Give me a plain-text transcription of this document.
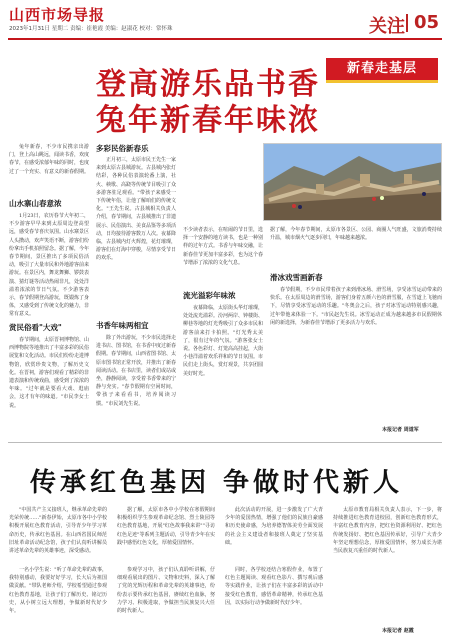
山西市场导报
2023年1月31日 星期二 责编：崔艳霞 美编：赵淑花 校对：常怀珠	关注 05
登高游乐品书香
兔年新春年味浓
新春走基层
兔年新春，不少市民携亲出游门，登上高山眺远，闻读书香，欢度春节，在感受浓郁年味的同时，也度过了一个充实、有意义的新春假期。
山水寨山春意浓
1月23日，农历春节大年初二，不少游客早早来到太原周边登高望远，感受春节喜庆氛围。山水寨景区人头攒动，欢声笑语不断，游客们纷纷拿出手机拍照留念。据了解，今年春节期间，景区推出了多项民俗活动，吸引了大量市民和外地游客前来游玩。在景区内，舞龙舞狮、锣鼓表演、猜灯谜等活动热闹非凡，处处洋溢着浓浓的节日气氛。不少游客表示，春节假期登高游玩，既锻炼了身体，又感受到了传统文化的魅力，非常有意义。
赏民俗看"大戏"
春节期间，太原晋祠博物馆、山西博物院等地推出了丰富多彩的民俗展览和文化活动。市民们纷纷走进博物馆，欣赏珍贵文物，了解历史文化。在晋祠，游客们观看了精彩的非遗表演和传统戏曲，感受到了浓浓的年味。"过年就是要看大戏、逛庙会，这才有年的味道。"市民李女士说。
多彩民俗新春乐
正月初三，太原市民王先生一家来到太原古县城游玩。古县城内张灯结彩，各种民俗表演轮番上演，社火、秧歌、高跷等传统节目吸引了众多游客驻足观看。"带孩子来感受一下传统年俗，让他了解咱们的传统文化。"王先生说。古县城相关负责人介绍，春节期间，古县城推出了非遗展示、民俗演出、美食品鉴等多项活动，日均接待游客数万人次。夜幕降临，古县城内灯火辉煌，花灯璀璨，游客们在灯海中穿梭，尽情享受节日的欢乐。
书香年味两相宜
除了外出游玩，不少市民选择走进书店、图书馆，在书香中度过新春假期。春节期间，山西省图书馆、太原市图书馆正常开放，并推出了新春阅读活动。在书店里，读者们或站或坐，静静阅读，享受着书香带来的宁静与充实。"春节假期有空闲时间，带孩子来看看书，培养阅读习惯。"市民刘先生说。
不少读者表示，在喧闹的节日里，选择一个安静的地方读书，也是一种别样的过年方式。书香与年味交融，让新春佳节更加丰富多彩，也为这个春节增添了浓浓的文化气息。
流光溢彩年味浓
夜幕降临，太原街头华灯璀璨，处处流光溢彩。汾河两岸、钟楼街、柳巷等地的灯光秀吸引了众多市民和游客前来打卡拍照。"灯光秀太美了，很有过年的气氛。"游客张女士说。各色彩灯、灯笼高高挂起，大街小巷洋溢着欢乐祥和的节日氛围。市民们走上街头，赏灯观景，共享团圆美好时光。
据了解，今年春节期间，太原市各景区、公园、商圈人气旺盛，文旅消费持续升温，城市烟火气逐步回归，年味越来越浓。
滑冰戏雪画新春
春节假期，不少市民带着孩子来到滑冰场、滑雪场，享受冰雪运动带来的快乐。在太原周边的滑雪场，游客们身着五颜六色的滑雪服，在雪道上飞驰而下，尽情享受冰雪运动的乐趣。"冬奥会之后，孩子对冰雪运动特别感兴趣，过年带他来体验一下。"市民赵先生说。冰雪运动正成为越来越多市民假期休闲的新选择，为新春佳节增添了更多活力与欢乐。
本报记者 周道军
传承红色基因 争做时代新人
"中国共产主义接班人，继承革命先辈的光荣传统……"新春伊始，太原市各中小学校积极开展红色教育活动，引导青少年学习革命历史，传承红色基因。在山西省国民师范旧址革命活动纪念馆，孩子们认真听讲解员讲述革命先辈的英雄事迹，深受感动。
一名小学生说："听了革命先辈的故事，我特别感动，我要好好学习，长大后为祖国做贡献。"带队老师介绍，学校希望通过参观红色教育基地，让孩子们了解历史、铭记历史，从小树立远大理想，争做新时代好少年。
据了解，太原市各中小学校在寒假期间积极组织学生参观革命纪念馆、烈士陵园等红色教育基地，开展"红色故事我来讲""寻访红色足迹"等系列主题活动，引导青少年在实践中感悟红色文化，厚植爱国情怀。
参观学习中，孩子们认真聆听讲解，仔细观看展出的图片、文物和史料，深入了解了党的光辉历程和革命先辈的英雄事迹，纷纷表示要传承红色基因，赓续红色血脉，努力学习、积极进取，争做担当民族复兴大任的时代新人。
此次活动的开展，进一步激发了广大青少年的爱国热情，增强了他们的民族自豪感和历史使命感，为培养德智体美劳全面发展的社会主义建设者和接班人奠定了坚实基础。
同时，各学校还结合寒假作业，布置了红色主题阅读、观看红色影片、撰写观后感等实践作业，让孩子们在丰富多彩的活动中接受红色教育，感悟革命精神，传承红色基因，以实际行动争做新时代好少年。
太原市教育局相关负责人表示，下一步，将持续推进红色教育进校园，创新红色教育形式，丰富红色教育内容，把红色资源利用好、把红色传统发扬好、把红色基因传承好，引导广大青少年坚定理想信念，厚植爱国情怀，努力成长为堪当民族复兴重任的时代新人。
本报记者 赵霞
